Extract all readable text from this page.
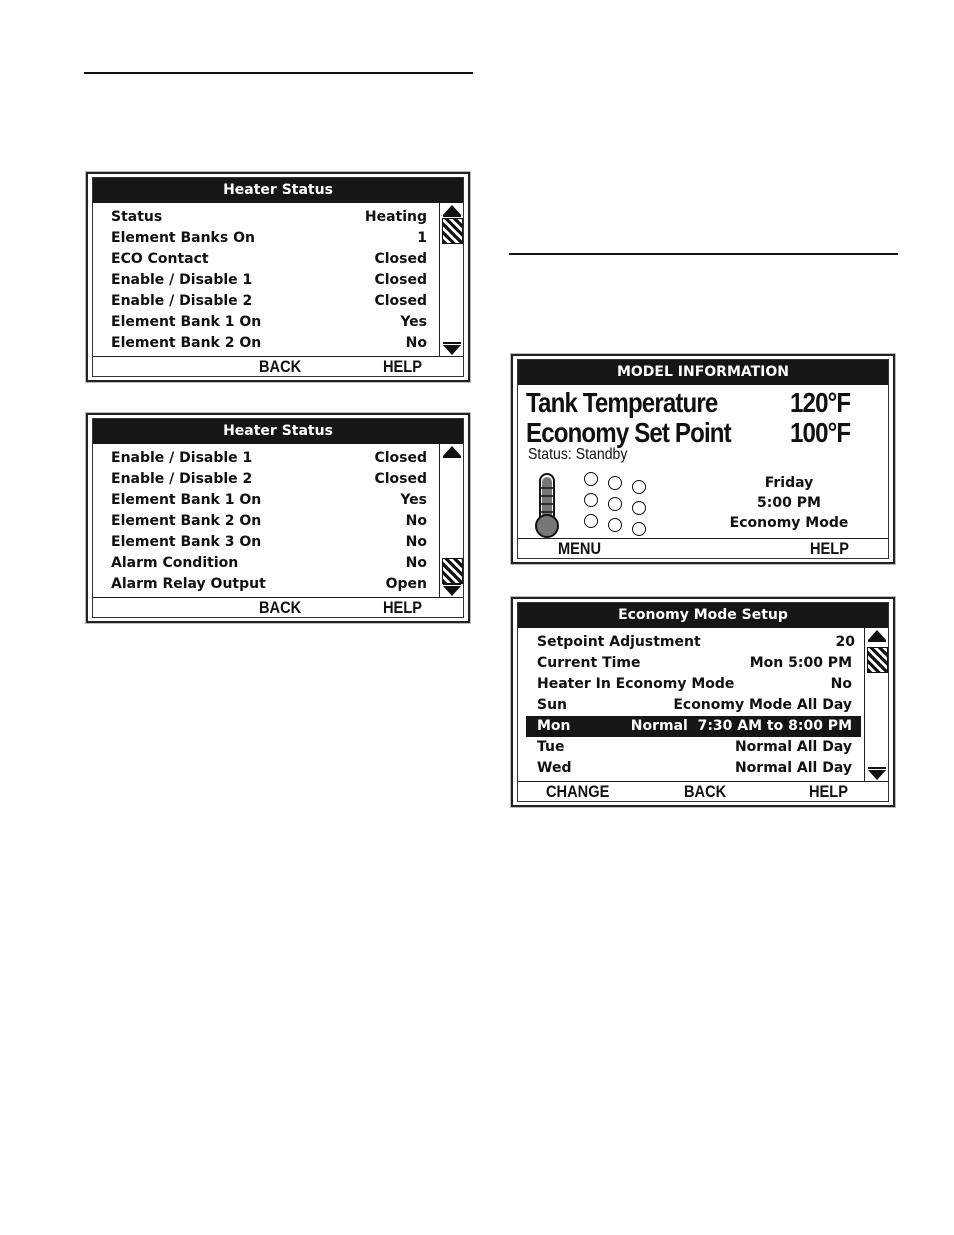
Heater Status
Status	Heating
Element Banks On	1
ECO Contact	Closed
Enable / Disable 1	Closed
Enable / Disable 2	Closed
Element Bank 1 On	Yes
Element Bank 2 On	No
BACK	HELP
Heater Status
Enable / Disable 1	Closed
Enable / Disable 2	Closed
Element Bank 1 On	Yes
Element Bank 2 On	No
Element Bank 3 On	No
Alarm Condition	No
Alarm Relay Output	Open
BACK	HELP
MODEL INFORMATION
Tank Temperature	120°F
Economy Set Point 100°F
Status: Standby
Friday
5:00 PM
Economy Mode
MENU	HELP
Economy Mode Setup
Setpoint Adjustment	20
Current Time	Mon 5:00 PM
Heater In Economy Mode	No
Sun	Economy Mode All Day
Mon	Normal  7:30 AM to 8:00 PM
Tue	Normal All Day
Wed	Normal All Day
CHANGE	BACK	HELP
